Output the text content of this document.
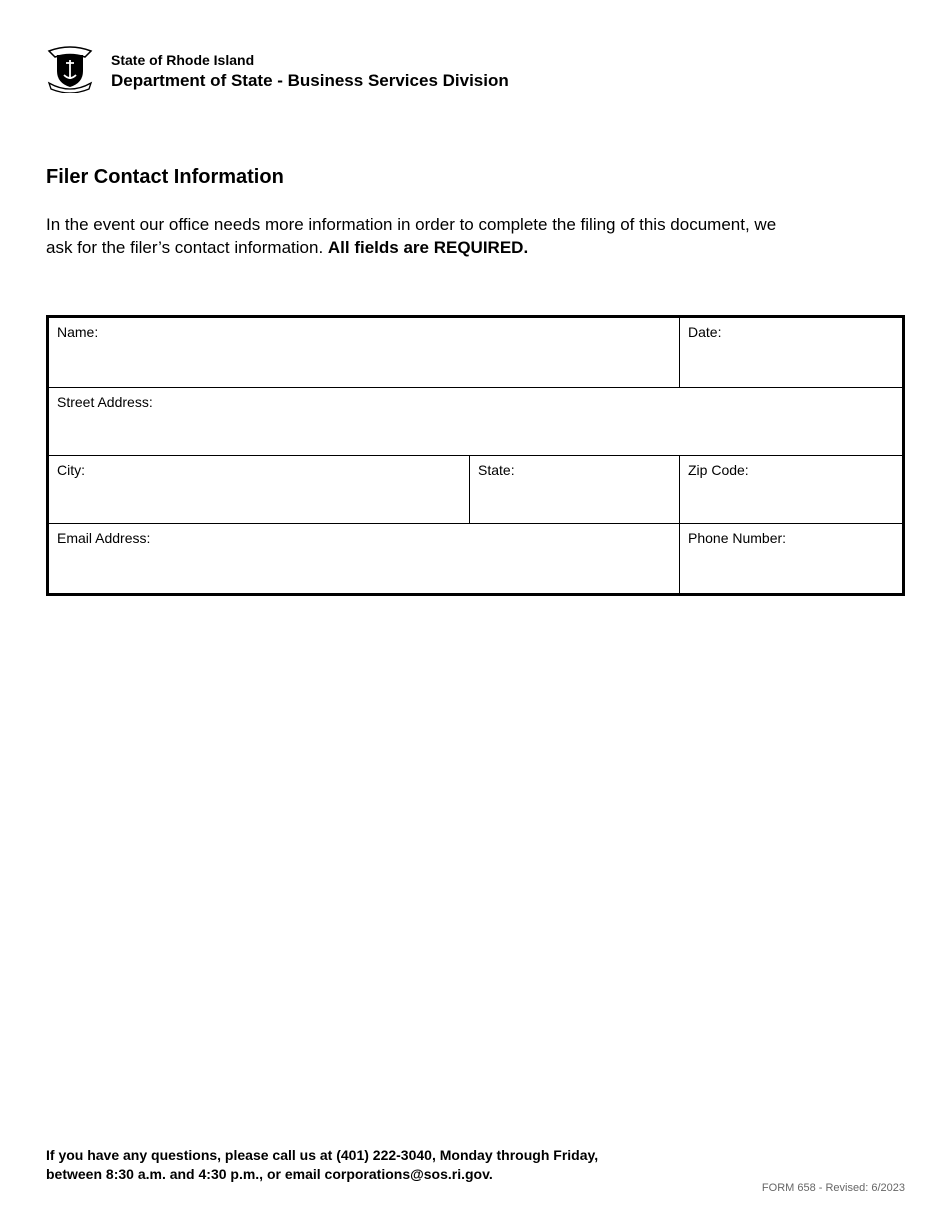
State of Rhode Island
Department of State - Business Services Division
Filer Contact Information
In the event our office needs more information in order to complete the filing of this document, we ask for the filer’s contact information. All fields are REQUIRED.
Name:	Date:
Street Address:
City:	State:	Zip Code:
Email Address:	Phone Number:
If you have any questions, please call us at (401) 222-3040, Monday through Friday,
between 8:30 a.m. and 4:30 p.m., or email corporations@sos.ri.gov.
FORM 658 - Revised: 6/2023
